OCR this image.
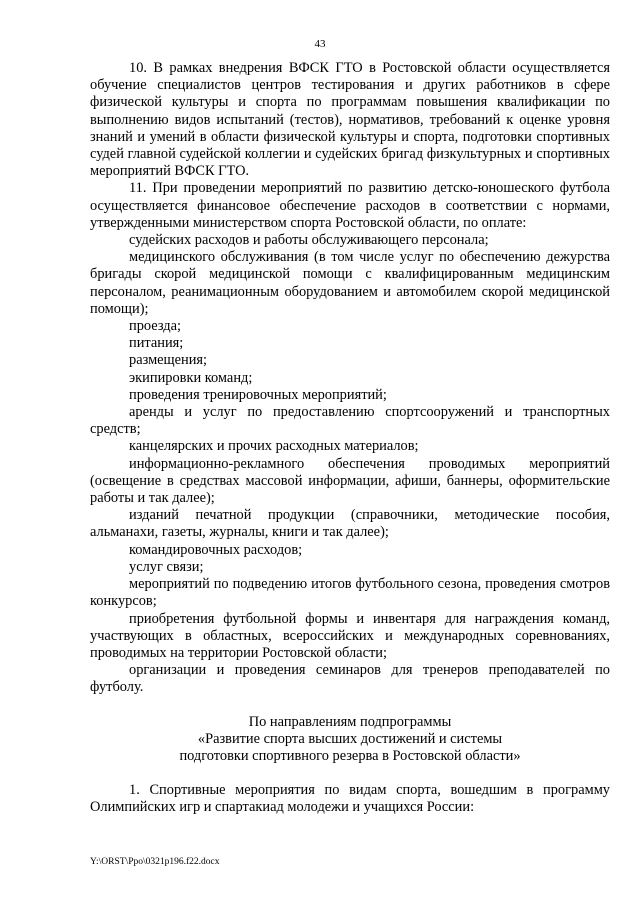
43

10. В рамках внедрения ВФСК ГТО в Ростовской области осуществляется обучение специалистов центров тестирования и других работников в сфере физической культуры и спорта по программам повышения квалификации по выполнению видов испытаний (тестов), нормативов, требований к оценке уровня знаний и умений в области физической культуры и спорта, подготовки спортивных судей главной судейской коллегии и судейских бригад физкультурных и спортивных мероприятий ВФСК ГТО.

11. При проведении мероприятий по развитию детско-юношеского футбола осуществляется финансовое обеспечение расходов в соответствии с нормами, утвержденными министерством спорта Ростовской области, по оплате:

судейских расходов и работы обслуживающего персонала;

медицинского обслуживания (в том числе услуг по обеспечению дежурства бригады скорой медицинской помощи с квалифицированным медицинским персоналом, реанимационным оборудованием и автомобилем скорой медицинской помощи);

проезда;

питания;

размещения;

экипировки команд;

проведения тренировочных мероприятий;

аренды и услуг по предоставлению спортсооружений и транспортных средств;

канцелярских и прочих расходных материалов;

информационно-рекламного обеспечения проводимых мероприятий (освещение в средствах массовой информации, афиши, баннеры, оформительские работы и так далее);

изданий печатной продукции (справочники, методические пособия, альманахи, газеты, журналы, книги и так далее);

командировочных расходов;

услуг связи;

мероприятий по подведению итогов футбольного сезона, проведения смотров конкурсов;

приобретения футбольной формы и инвентаря для награждения команд, участвующих в областных, всероссийских и международных соревнованиях, проводимых на территории Ростовской области;

организации и проведения семинаров для тренеров преподавателей по футболу.

По направлениям подпрограммы
«Развитие спорта высших достижений и системы
подготовки спортивного резерва в Ростовской области»

1. Спортивные мероприятия по видам спорта, вошедшим в программу Олимпийских игр и спартакиад молодежи и учащихся России:

Y:\ORST\Ppo\0321p196.f22.docx
